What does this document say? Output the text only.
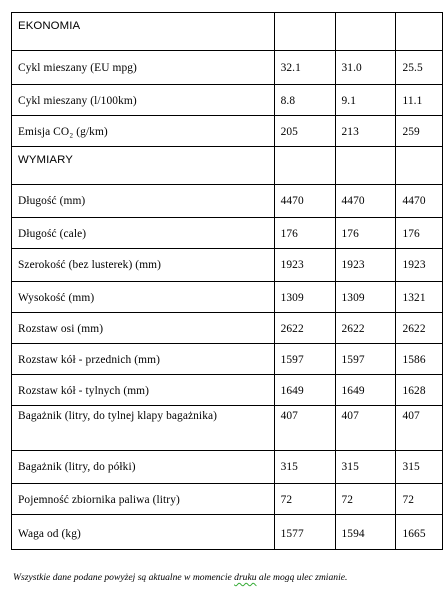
EKONOMIA			
Cykl mieszany (EU mpg)	32.1	31.0	25.5
Cykl mieszany (l/100km)	8.8	9.1	11.1
Emisja CO₂ (g/km)	205	213	259
WYMIARY			
Długość (mm)	4470	4470	4470
Długość (cale)	176	176	176
Szerokość (bez lusterek) (mm)	1923	1923	1923
Wysokość (mm)	1309	1309	1321
Rozstaw osi (mm)	2622	2622	2622
Rozstaw kół - przednich (mm)	1597	1597	1586
Rozstaw kół - tylnych (mm)	1649	1649	1628
Bagażnik (litry, do tylnej klapy bagażnika)	407	407	407
Bagażnik (litry, do półki)	315	315	315
Pojemność zbiornika paliwa (litry)	72	72	72
Waga od (kg)	1577	1594	1665
Wszystkie dane podane powyżej są aktualne w momencie druku ale mogą ulec zmianie.
